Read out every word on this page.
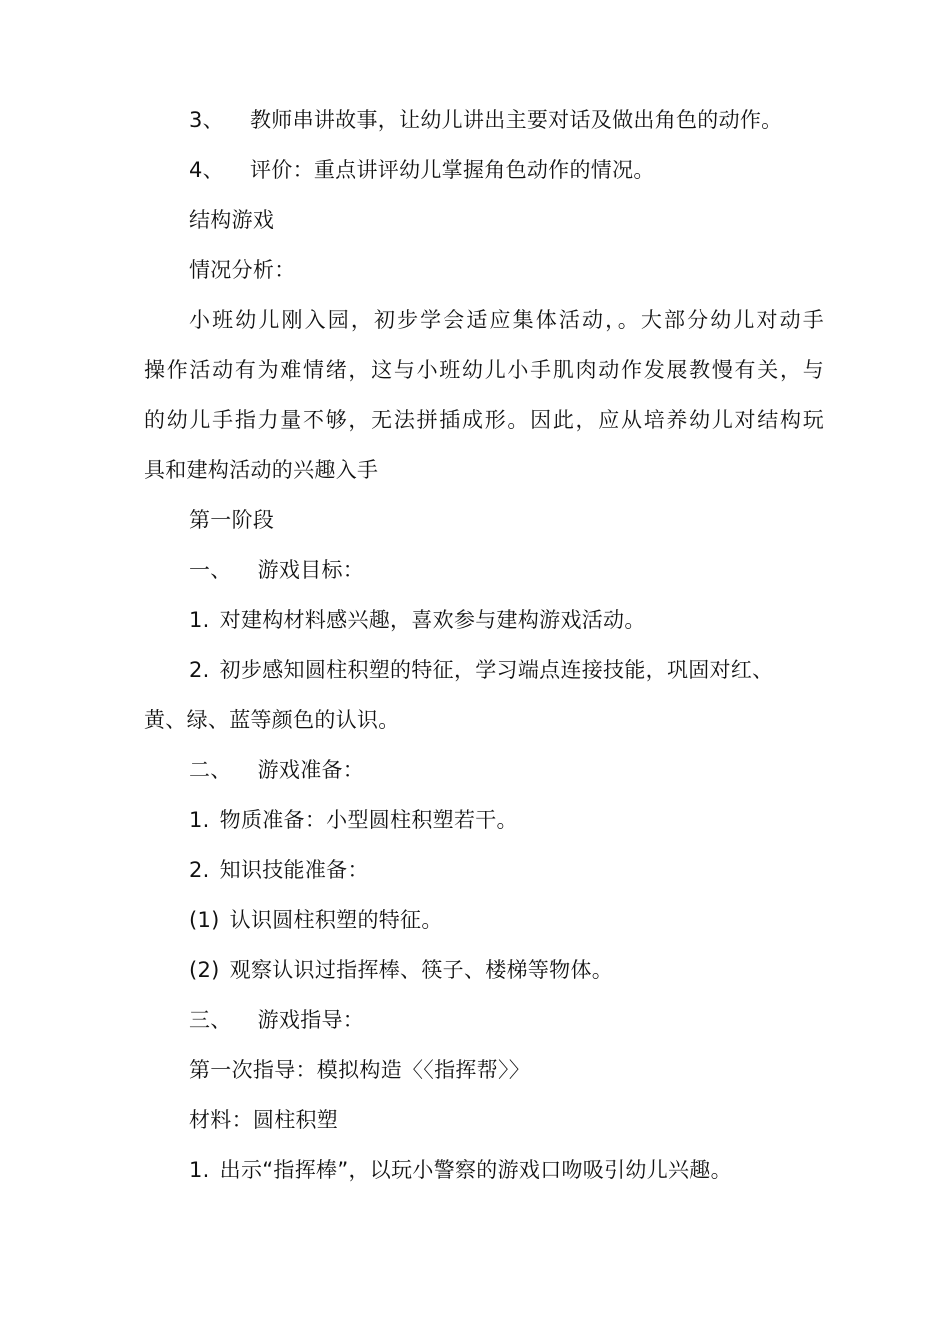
3、 教师串讲故事，让幼儿讲出主要对话及做出角色的动作。
4、 评价：重点讲评幼儿掌握角色动作的情况。
结构游戏
情况分析：
小班幼儿刚入园，初步学会适应集体活动，。大部分幼儿对动手
操作活动有为难情绪，这与小班幼儿小手肌肉动作发展教慢有关，与
的幼儿手指力量不够，无法拼插成形。因此，应从培养幼儿对结构玩
具和建构活动的兴趣入手
第一阶段
一、 游戏目标：
1. 对建构材料感兴趣，喜欢参与建构游戏活动。
2. 初步感知圆柱积塑的特征，学习端点连接技能，巩固对红、
黄、绿、蓝等颜色的认识。
二、 游戏准备：
1. 物质准备：小型圆柱积塑若干。
2. 知识技能准备：
(1) 认识圆柱积塑的特征。
(2) 观察认识过指挥棒、筷子、楼梯等物体。
三、 游戏指导：
第一次指导：模拟构造〈〈指挥帮〉〉
材料：圆柱积塑
1. 出示“指挥棒”，以玩小警察的游戏口吻吸引幼儿兴趣。
